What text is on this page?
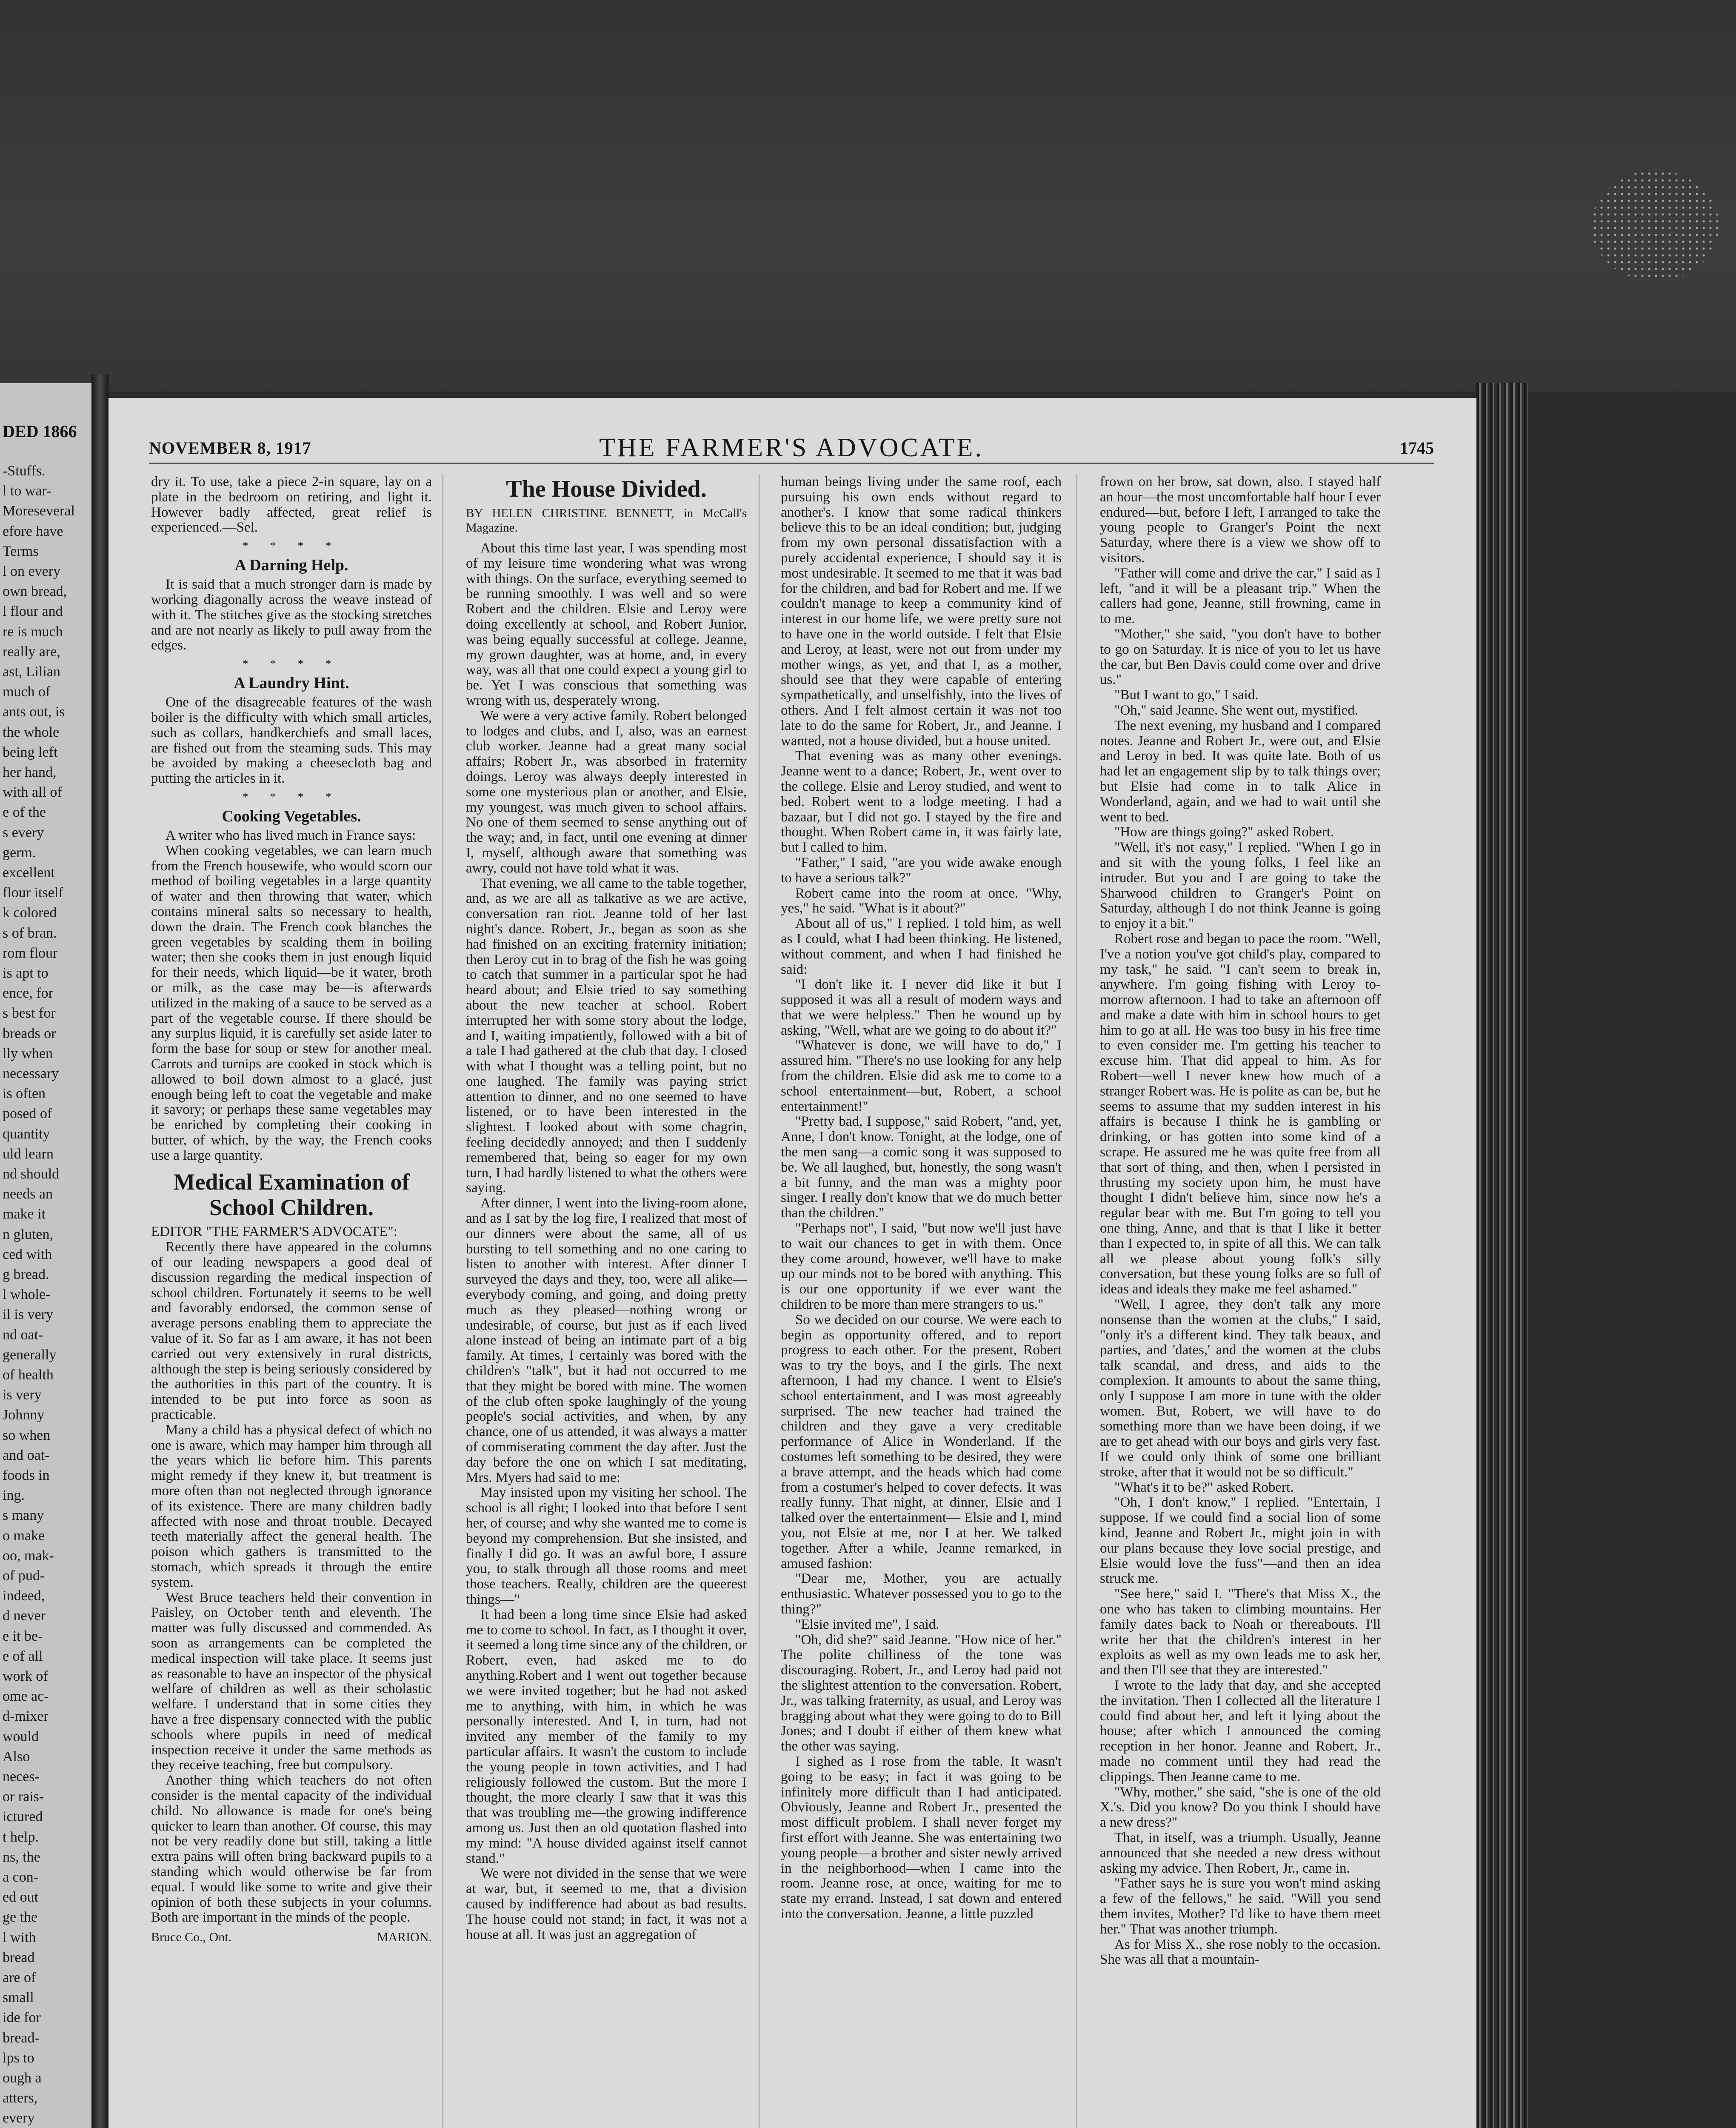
DED 1866
-Stuffs.
l to war-
Moreseveral
efore have
Terms
l on every
own bread,
l flour and
re is much
really are,
ast, Lilian
much of
ants out, is
the whole
being left
her hand,
with all of
e of the
s every
germ.
excellent
flour itself
k colored
s of bran.
rom flour
is apt to
ence, for
s best for
breads or
lly when
necessary
is often
posed of
quantity
uld learn
nd should
needs an
make it
n gluten,
ced with
g bread.
l whole-
il is very
nd oat-
generally
of health
is very
Johnny
so when
and oat-
foods in
ing.
s many
o make
oo, mak-
of pud-
indeed,
d never
e it be-
e of all
work of
ome ac-
d-mixer
would
Also
neces-
or rais-
ictured
t help.
ns, the
a con-
ed out
ge the
l with
bread
are of
small
ide for
bread-
lps to
ough a
atters,
every
NOVEMBER 8, 1917	THE FARMER'S ADVOCATE.	1745

dry it. To use, take a piece 2-in square, lay on a plate in the bedroom on retiring, and light it. However badly affected, great relief is experienced.—Sel.

* * * *
A Darning Help.

It is said that a much stronger darn is made by working diagonally across the weave instead of with it. The stitches give as the stocking stretches and are not nearly as likely to pull away from the edges.

* * * *
A Laundry Hint.

One of the disagreeable features of the wash boiler is the difficulty with which small articles, such as collars, handkerchiefs and small laces, are fished out from the steaming suds. This may be avoided by making a cheesecloth bag and putting the articles in it.

* * * *
Cooking Vegetables.

A writer who has lived much in France says:

When cooking vegetables, we can learn much from the French housewife, who would scorn our method of boiling vegetables in a large quantity of water and then throwing that water, which contains mineral salts so necessary to health, down the drain. The French cook blanches the green vegetables by scalding them in boiling water; then she cooks them in just enough liquid for their needs, which liquid—be it water, broth or milk, as the case may be—is afterwards utilized in the making of a sauce to be served as a part of the vegetable course. If there should be any surplus liquid, it is carefully set aside later to form the base for soup or stew for another meal. Carrots and turnips are cooked in stock which is allowed to boil down almost to a glacé, just enough being left to coat the vegetable and make it savory; or perhaps these same vegetables may be enriched by completing their cooking in butter, of which, by the way, the French cooks use a large quantity.

Medical Examination of School Children.

EDITOR "THE FARMER'S ADVOCATE":

Recently there have appeared in the columns of our leading newspapers a good deal of discussion regarding the medical inspection of school children. Fortunately it seems to be well and favorably endorsed, the common sense of average persons enabling them to appreciate the value of it. So far as I am aware, it has not been carried out very extensively in rural districts, although the step is being seriously considered by the authorities in this part of the country. It is intended to be put into force as soon as practicable.

Many a child has a physical defect of which no one is aware, which may hamper him through all the years which lie before him. This parents might remedy if they knew it, but treatment is more often than not neglected through ignorance of its existence. There are many children badly affected with nose and throat trouble. Decayed teeth materially affect the general health. The poison which gathers is transmitted to the stomach, which spreads it through the entire system.

West Bruce teachers held their convention in Paisley, on October tenth and eleventh. The matter was fully discussed and commended. As soon as arrangements can be completed the medical inspection will take place. It seems just as reasonable to have an inspector of the physical welfare of children as well as their scholastic welfare. I understand that in some cities they have a free dispensary connected with the public schools where pupils in need of medical inspection receive it under the same methods as they receive teaching, free but compulsory.

Another thing which teachers do not often consider is the mental capacity of the individual child. No allowance is made for one's being quicker to learn than another. Of course, this may not be very readily done but still, taking a little extra pains will often bring backward pupils to a standing which would otherwise be far from equal. I would like some to write and give their opinion of both these subjects in your columns. Both are important in the minds of the people.

Bruce Co., Ont.	MARION.

The House Divided.

BY HELEN CHRISTINE BENNETT, in McCall's Magazine.

About this time last year, I was spending most of my leisure time wondering what was wrong with things. On the surface, everything seemed to be running smoothly. I was well and so were Robert and the children. Elsie and Leroy were doing excellently at school, and Robert Junior, was being equally successful at college. Jeanne, my grown daughter, was at home, and, in every way, was all that one could expect a young girl to be. Yet I was conscious that something was wrong with us, desperately wrong.

We were a very active family. Robert belonged to lodges and clubs, and I, also, was an earnest club worker. Jeanne had a great many social affairs; Robert Jr., was absorbed in fraternity doings. Leroy was always deeply interested in some one mysterious plan or another, and Elsie, my youngest, was much given to school affairs. No one of them seemed to sense anything out of the way; and, in fact, until one evening at dinner I, myself, although aware that something was awry, could not have told what it was.

That evening, we all came to the table together, and, as we are all as talkative as we are active, conversation ran riot. Jeanne told of her last night's dance. Robert, Jr., began as soon as she had finished on an exciting fraternity initiation; then Leroy cut in to brag of the fish he was going to catch that summer in a particular spot he had heard about; and Elsie tried to say something about the new teacher at school. Robert interrupted her with some story about the lodge, and I, waiting impatiently, followed with a bit of a tale I had gathered at the club that day. I closed with what I thought was a telling point, but no one laughed. The family was paying strict attention to dinner, and no one seemed to have listened, or to have been interested in the slightest. I looked about with some chagrin, feeling decidedly annoyed; and then I suddenly remembered that, being so eager for my own turn, I had hardly listened to what the others were saying.

After dinner, I went into the living-room alone, and as I sat by the log fire, I realized that most of our dinners were about the same, all of us bursting to tell something and no one caring to listen to another with interest. After dinner I surveyed the days and they, too, were all alike—everybody coming, and going, and doing pretty much as they pleased—nothing wrong or undesirable, of course, but just as if each lived alone instead of being an intimate part of a big family. At times, I certainly was bored with the children's "talk", but it had not occurred to me that they might be bored with mine. The women of the club often spoke laughingly of the young people's social activities, and when, by any chance, one of us attended, it was always a matter of commiserating comment the day after. Just the day before the one on which I sat meditating, Mrs. Myers had said to me:

May insisted upon my visiting her school. The school is all right; I looked into that before I sent her, of course; and why she wanted me to come is beyond my comprehension. But she insisted, and finally I did go. It was an awful bore, I assure you, to stalk through all those rooms and meet those teachers. Really, children are the queerest things—"

It had been a long time since Elsie had asked me to come to school. In fact, as I thought it over, it seemed a long time since any of the children, or Robert, even, had asked me to do anything.Robert and I went out together because we were invited together; but he had not asked me to anything, with him, in which he was personally interested. And I, in turn, had not invited any member of the family to my particular affairs. It wasn't the custom to include the young people in town activities, and I had religiously followed the custom. But the more I thought, the more clearly I saw that it was this that was troubling me—the growing indifference among us. Just then an old quotation flashed into my mind: "A house divided against itself cannot stand."

We were not divided in the sense that we were at war, but, it seemed to me, that a division caused by indifference had about as bad results. The house could not stand; in fact, it was not a house at all. It was just an aggregation of

human beings living under the same roof, each pursuing his own ends without regard to another's. I know that some radical thinkers believe this to be an ideal condition; but, judging from my own personal dissatisfaction with a purely accidental experience, I should say it is most undesirable. It seemed to me that it was bad for the children, and bad for Robert and me. If we couldn't manage to keep a community kind of interest in our home life, we were pretty sure not to have one in the world outside. I felt that Elsie and Leroy, at least, were not out from under my mother wings, as yet, and that I, as a mother, should see that they were capable of entering sympathetically, and unselfishly, into the lives of others. And I felt almost certain it was not too late to do the same for Robert, Jr., and Jeanne. I wanted, not a house divided, but a house united.

That evening was as many other evenings. Jeanne went to a dance; Robert, Jr., went over to the college. Elsie and Leroy studied, and went to bed. Robert went to a lodge meeting. I had a bazaar, but I did not go. I stayed by the fire and thought. When Robert came in, it was fairly late, but I called to him.

"Father," I said, "are you wide awake enough to have a serious talk?"

Robert came into the room at once. "Why, yes," he said. "What is it about?"

About all of us," I replied. I told him, as well as I could, what I had been thinking. He listened, without comment, and when I had finished he said:

"I don't like it. I never did like it but I supposed it was all a result of modern ways and that we were helpless." Then he wound up by asking, "Well, what are we going to do about it?"

"Whatever is done, we will have to do," I assured him. "There's no use looking for any help from the children. Elsie did ask me to come to a school entertainment—but, Robert, a school entertainment!"

"Pretty bad, I suppose," said Robert, "and, yet, Anne, I don't know. Tonight, at the lodge, one of the men sang—a comic song it was supposed to be. We all laughed, but, honestly, the song wasn't a bit funny, and the man was a mighty poor singer. I really don't know that we do much better than the children."

"Perhaps not", I said, "but now we'll just have to wait our chances to get in with them. Once they come around, however, we'll have to make up our minds not to be bored with anything. This is our one opportunity if we ever want the children to be more than mere strangers to us."

So we decided on our course. We were each to begin as opportunity offered, and to report progress to each other. For the present, Robert was to try the boys, and I the girls. The next afternoon, I had my chance. I went to Elsie's school entertainment, and I was most agreeably surprised. The new teacher had trained the children and they gave a very creditable performance of Alice in Wonderland. If the costumes left something to be desired, they were a brave attempt, and the heads which had come from a costumer's helped to cover defects. It was really funny. That night, at dinner, Elsie and I talked over the entertainment— Elsie and I, mind you, not Elsie at me, nor I at her. We talked together. After a while, Jeanne remarked, in amused fashion:

"Dear me, Mother, you are actually enthusiastic. Whatever possessed you to go to the thing?"

"Elsie invited me", I said.

"Oh, did she?" said Jeanne. "How nice of her." The polite chilliness of the tone was discouraging. Robert, Jr., and Leroy had paid not the slightest attention to the conversation. Robert, Jr., was talking fraternity, as usual, and Leroy was bragging about what they were going to do to Bill Jones; and I doubt if either of them knew what the other was saying.

I sighed as I rose from the table. It wasn't going to be easy; in fact it was going to be infinitely more difficult than I had anticipated. Obviously, Jeanne and Robert Jr., presented the most difficult problem. I shall never forget my first effort with Jeanne. She was entertaining two young people—a brother and sister newly arrived in the neighborhood—when I came into the room. Jeanne rose, at once, waiting for me to state my errand. Instead, I sat down and entered into the conversation. Jeanne, a little puzzled

frown on her brow, sat down, also. I stayed half an hour—the most uncomfortable half hour I ever endured—but, before I left, I arranged to take the young people to Granger's Point the next Saturday, where there is a view we show off to visitors.

"Father will come and drive the car," I said as I left, "and it will be a pleasant trip." When the callers had gone, Jeanne, still frowning, came in to me.

"Mother," she said, "you don't have to bother to go on Saturday. It is nice of you to let us have the car, but Ben Davis could come over and drive us."

"But I want to go," I said.

"Oh," said Jeanne. She went out, mystified.

The next evening, my husband and I compared notes. Jeanne and Robert Jr., were out, and Elsie and Leroy in bed. It was quite late. Both of us had let an engagement slip by to talk things over; but Elsie had come in to talk Alice in Wonderland, again, and we had to wait until she went to bed.

"How are things going?" asked Robert.

"Well, it's not easy," I replied. "When I go in and sit with the young folks, I feel like an intruder. But you and I are going to take the Sharwood children to Granger's Point on Saturday, although I do not think Jeanne is going to enjoy it a bit."

Robert rose and began to pace the room. "Well, I've a notion you've got child's play, compared to my task," he said. "I can't seem to break in, anywhere. I'm going fishing with Leroy to-morrow afternoon. I had to take an afternoon off and make a date with him in school hours to get him to go at all. He was too busy in his free time to even consider me. I'm getting his teacher to excuse him. That did appeal to him. As for Robert—well I never knew how much of a stranger Robert was. He is polite as can be, but he seems to assume that my sudden interest in his affairs is because I think he is gambling or drinking, or has gotten into some kind of a scrape. He assured me he was quite free from all that sort of thing, and then, when I persisted in thrusting my society upon him, he must have thought I didn't believe him, since now he's a regular bear with me. But I'm going to tell you one thing, Anne, and that is that I like it better than I expected to, in spite of all this. We can talk all we please about young folk's silly conversation, but these young folks are so full of ideas and ideals they make me feel ashamed."

"Well, I agree, they don't talk any more nonsense than the women at the clubs," I said, "only it's a different kind. They talk beaux, and parties, and 'dates,' and the women at the clubs talk scandal, and dress, and aids to the complexion. It amounts to about the same thing, only I suppose I am more in tune with the older women. But, Robert, we will have to do something more than we have been doing, if we are to get ahead with our boys and girls very fast. If we could only think of some one brilliant stroke, after that it would not be so difficult."

"What's it to be?" asked Robert.

"Oh, I don't know," I replied. "Entertain, I suppose. If we could find a social lion of some kind, Jeanne and Robert Jr., might join in with our plans because they love social prestige, and Elsie would love the fuss"—and then an idea struck me.

"See here," said I. "There's that Miss X., the one who has taken to climbing mountains. Her family dates back to Noah or thereabouts. I'll write her that the children's interest in her exploits as well as my own leads me to ask her, and then I'll see that they are interested."

I wrote to the lady that day, and she accepted the invitation. Then I collected all the literature I could find about her, and left it lying about the house; after which I announced the coming reception in her honor. Jeanne and Robert, Jr., made no comment until they had read the clippings. Then Jeanne came to me.

"Why, mother," she said, "she is one of the old X.'s. Did you know? Do you think I should have a new dress?"

That, in itself, was a triumph. Usually, Jeanne announced that she needed a new dress without asking my advice. Then Robert, Jr., came in.

"Father says he is sure you won't mind asking a few of the fellows," he said. "Will you send them invites, Mother? I'd like to have them meet her." That was another triumph.

As for Miss X., she rose nobly to the occasion. She was all that a mountain-
